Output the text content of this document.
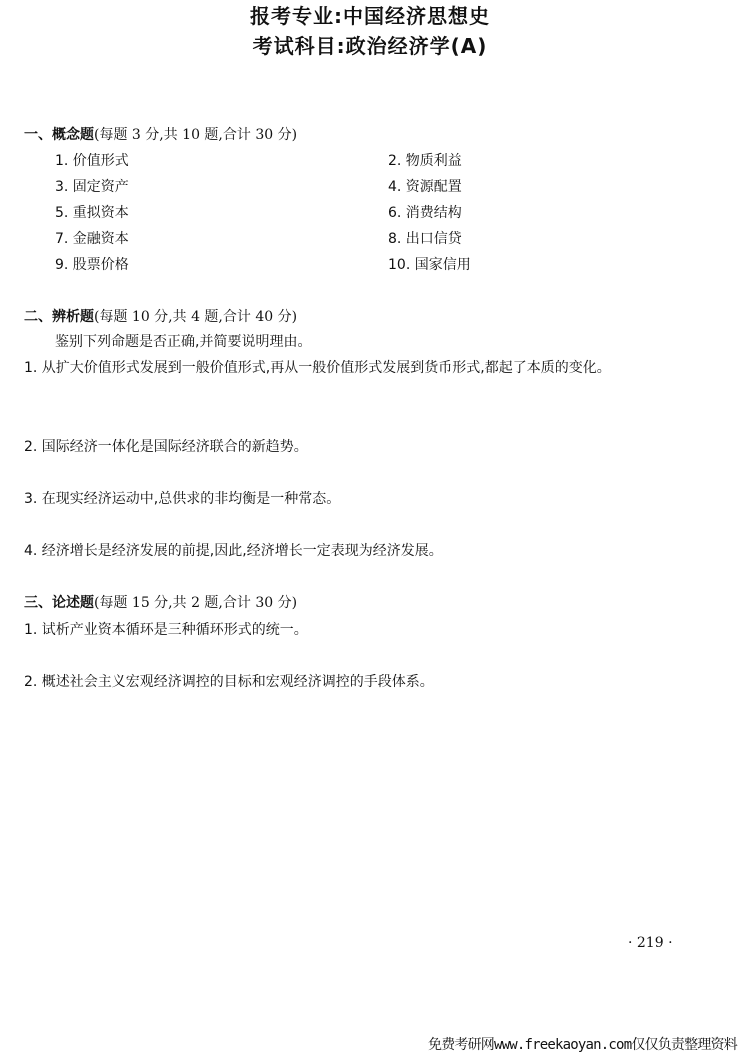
报考专业:中国经济思想史
考试科目:政治经济学(A)
一、概念题(每题 3 分,共 10 题,合计 30 分)
1. 价值形式
3. 固定资产
5. 重拟资本
7. 金融资本
9. 股票价格
2. 物质利益
4. 资源配置
6. 消费结构
8. 出口信贷
10. 国家信用
二、辨析题(每题 10 分,共 4 题,合计 40 分)
鉴别下列命题是否正确,并简要说明理由。
1. 从扩大价值形式发展到一般价值形式,再从一般价值形式发展到货币形式,都起了本质的变化。
2. 国际经济一体化是国际经济联合的新趋势。
3. 在现实经济运动中,总供求的非均衡是一种常态。
4. 经济增长是经济发展的前提,因此,经济增长一定表现为经济发展。
三、论述题(每题 15 分,共 2 题,合计 30 分)
1. 试析产业资本循环是三种循环形式的统一。
2. 概述社会主义宏观经济调控的目标和宏观经济调控的手段体系。
· 219 ·
免费考研网www.freekaoyan.com仅仅负责整理资料
